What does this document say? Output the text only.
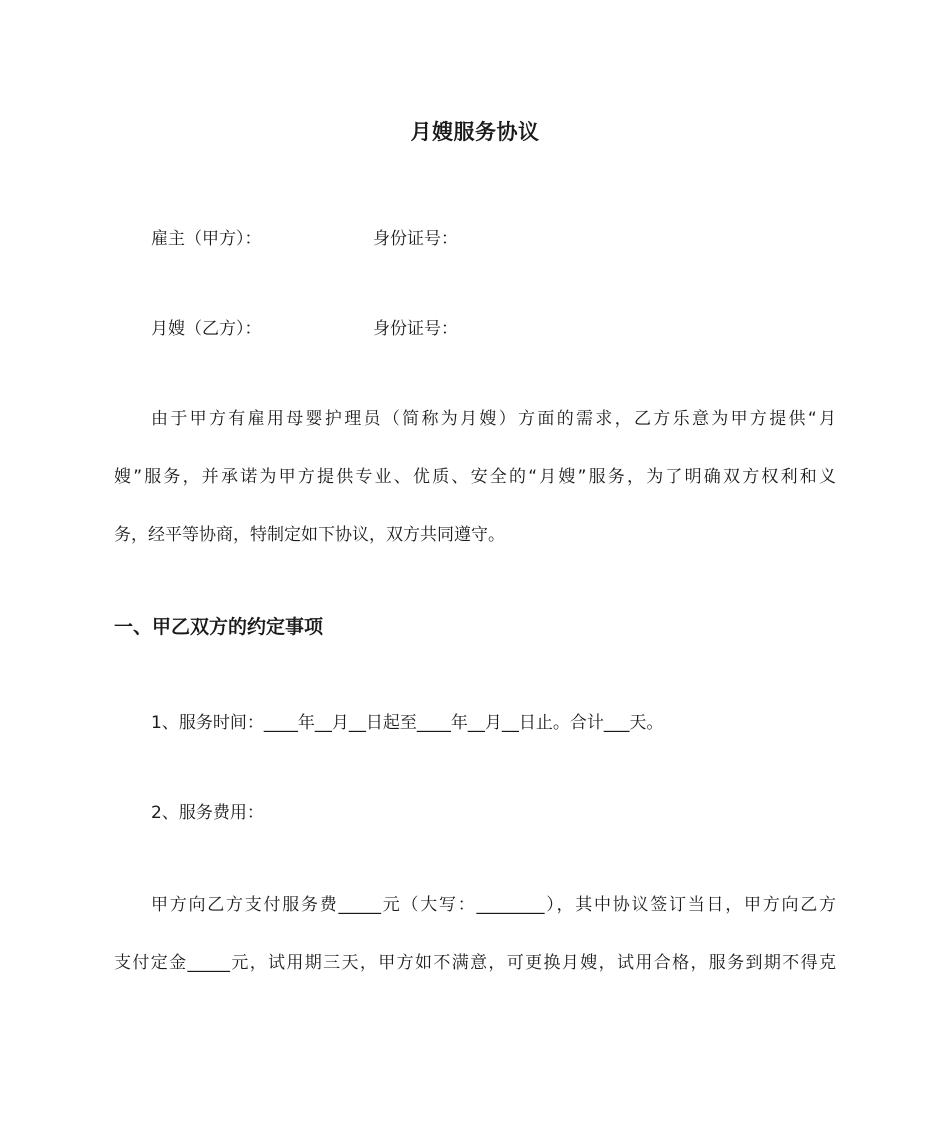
月嫂服务协议
雇主（甲方）：	身份证号：
月嫂（乙方）：	身份证号：
由于甲方有雇用母婴护理员（简称为月嫂）方面的需求，乙方乐意为甲方提供“月
嫂”服务，并承诺为甲方提供专业、优质、安全的“月嫂”服务，为了明确双方权利和义
务，经平等协商，特制定如下协议，双方共同遵守。
一、甲乙双方的约定事项
1、服务时间：____年__月__日起至____年__月__日止。合计___天。
2、服务费用：
甲方向乙方支付服务费_____元（大写：________），其中协议签订当日，甲方向乙方
支付定金_____元，试用期三天，甲方如不满意，可更换月嫂，试用合格，服务到期不得克
